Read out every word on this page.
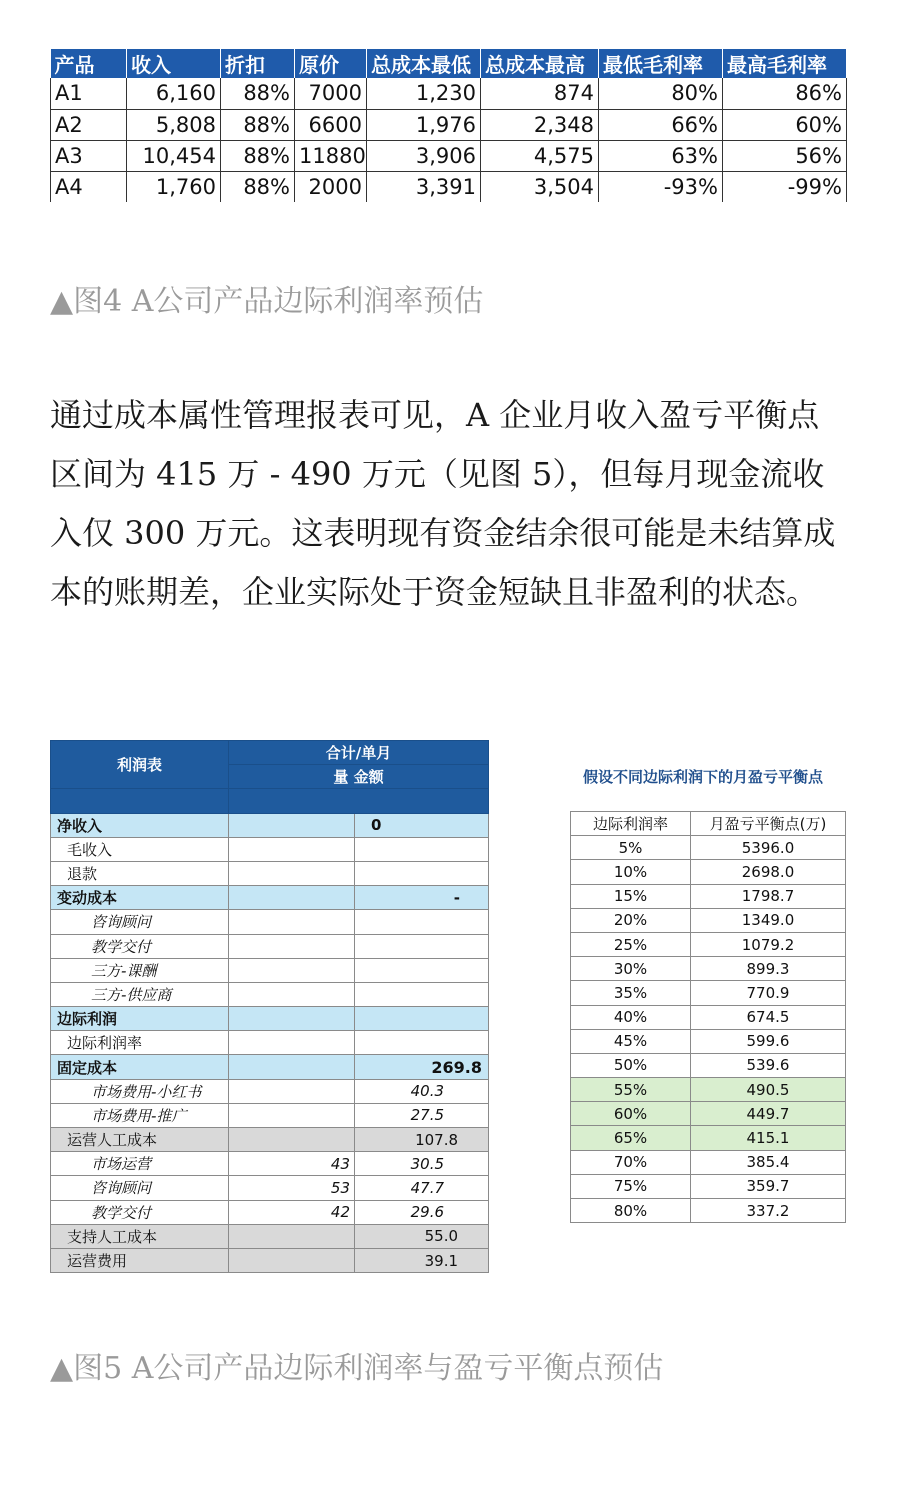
产品	收入	折扣	原价	总成本最低	总成本最高	最低毛利率	最高毛利率
A1	6,160	88%	7000	1,230	874	80%	86%
A2	5,808	88%	6600	1,976	2,348	66%	60%
A3	10,454	88%	11880	3,906	4,575	63%	56%
A4	1,760	88%	2000	3,391	3,504	-93%	-99%
▲图4 A公司产品边际利润率预估

通过成本属性管理报表可见，A 企业月收入盈亏平衡点区间为 415 万 - 490 万元（见图 5），但每月现金流收入仅 300 万元。这表明现有资金结余很可能是未结算成本的账期差，企业实际处于资金短缺且非盈利的状态。

利润表	合计/单月	
	量 金额	

净收入		0
毛收入		
退款		
变动成本		-
咨询顾问		
教学交付		
三方-课酬		
三方-供应商		
边际利润		
边际利润率		
固定成本		269.8
市场费用-小红书		40.3
市场费用-推广		27.5
运营人工成本		107.8
市场运营	43	30.5
咨询顾问	53	47.7
教学交付	42	29.6
支持人工成本		55.0
运营费用		39.1
假设不同边际利润下的月盈亏平衡点
边际利润率	月盈亏平衡点(万)
5%	5396.0
10%	2698.0
15%	1798.7
20%	1349.0
25%	1079.2
30%	899.3
35%	770.9
40%	674.5
45%	599.6
50%	539.6
55%	490.5
60%	449.7
65%	415.1
70%	385.4
75%	359.7
80%	337.2
▲图5 A公司产品边际利润率与盈亏平衡点预估
